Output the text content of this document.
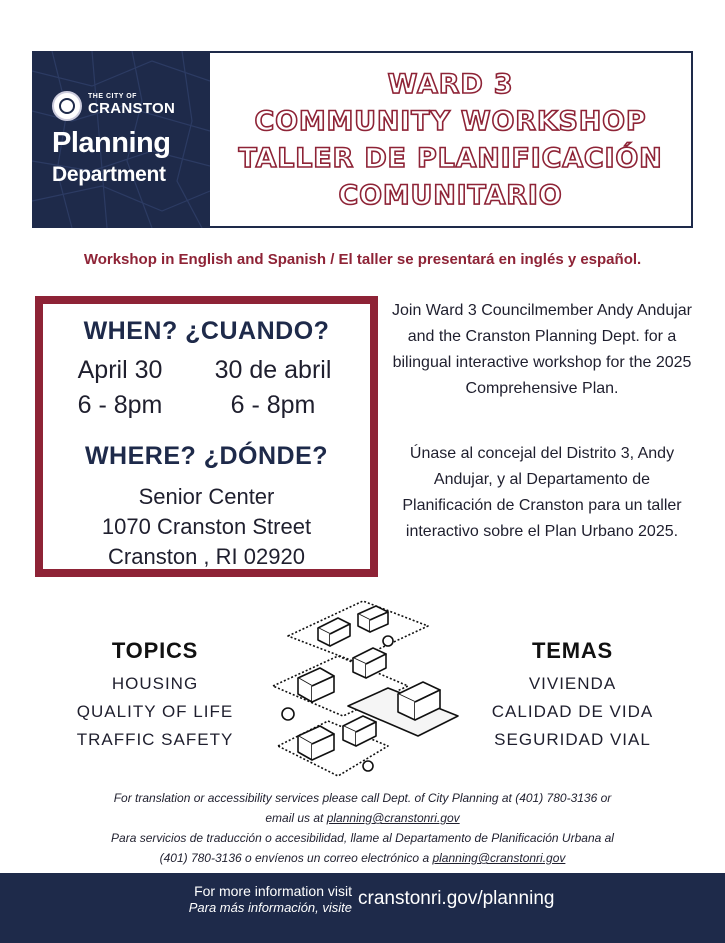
THE CITY OF
CRANSTON
Planning
Department
WARD 3
COMMUNITY WORKSHOP
TALLER DE PLANIFICACIÓN
COMUNITARIO
Workshop in English and Spanish / El taller se presentará en inglés y español.
WHEN? ¿CUANDO?
April 30
6 - 8pm
30 de abril
6 - 8pm
WHERE? ¿DÓNDE?
Senior Center
1070 Cranston Street
Cranston , RI 02920
Join Ward 3 Councilmember Andy Andujar and the Cranston Planning Dept. for a bilingual interactive workshop for the 2025 Comprehensive Plan.
Únase al concejal del Distrito 3, Andy Andujar, y al Departamento de Planificación de Cranston para un taller interactivo sobre el Plan Urbano 2025.
TOPICS
HOUSING
QUALITY OF LIFE
TRAFFIC SAFETY
TEMAS
VIVIENDA
CALIDAD DE VIDA
SEGURIDAD VIAL
For translation or accessibility services please call Dept. of City Planning at (401) 780-3136 or
email us at planning@cranstonri.gov
Para servicios de traducción o accesibilidad, llame al Departamento de Planificación Urbana al
(401) 780-3136 o envíenos un correo electrónico a planning@cranstonri.gov
For more information visit
Para más información, visite cranstonri.gov/planning
